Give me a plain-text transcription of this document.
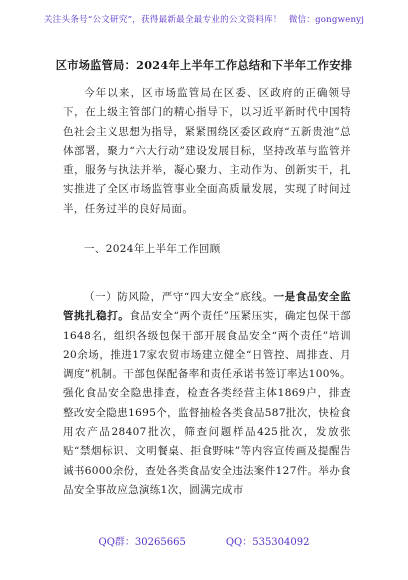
关注头条号“公文研究”，获得最新最全最专业的公文资料库！ 微信：gongwenyj
区市场监管局：2024年上半年工作总结和下半年工作安排

今年以来，区市场监管局在区委、区政府的正确领导下，在上级主管部门的精心指导下，以习近平新时代中国特色社会主义思想为指导，紧紧围绕区委区政府“五新贵池”总体部署，聚力“六大行动”建设发展目标，坚持改革与监管并重，服务与执法并举，凝心聚力、主动作为、创新实干，扎实推进了全区市场监管事业全面高质量发展，实现了时间过半，任务过半的良好局面。

一、2024年上半年工作回顾

（一）防风险，严守“四大安全”底线。一是食品安全监管挑扎稳打。食品安全“两个责任”压紧压实，确定包保干部1648名，组织各级包保干部开展食品安全“两个责任”培训20余场，推进17家农贸市场建立健全“日管控、周排查、月调度”机制。干部包保配备率和责任承诺书签订率达100%。强化食品安全隐患排查，检查各类经营主体1869户，排查整改安全隐患1695个，监督抽检各类食品587批次，快检食用农产品28407批次，筛查问题样品425批次，发放张贴“禁烟标识、文明餐桌、拒食野味”等内容宣传画及提醒告诫书6000余份，查处各类食品安全违法案件127件。举办食品安全事故应急演练1次，圆满完成市

QQ群：30265665	QQ：535304092
